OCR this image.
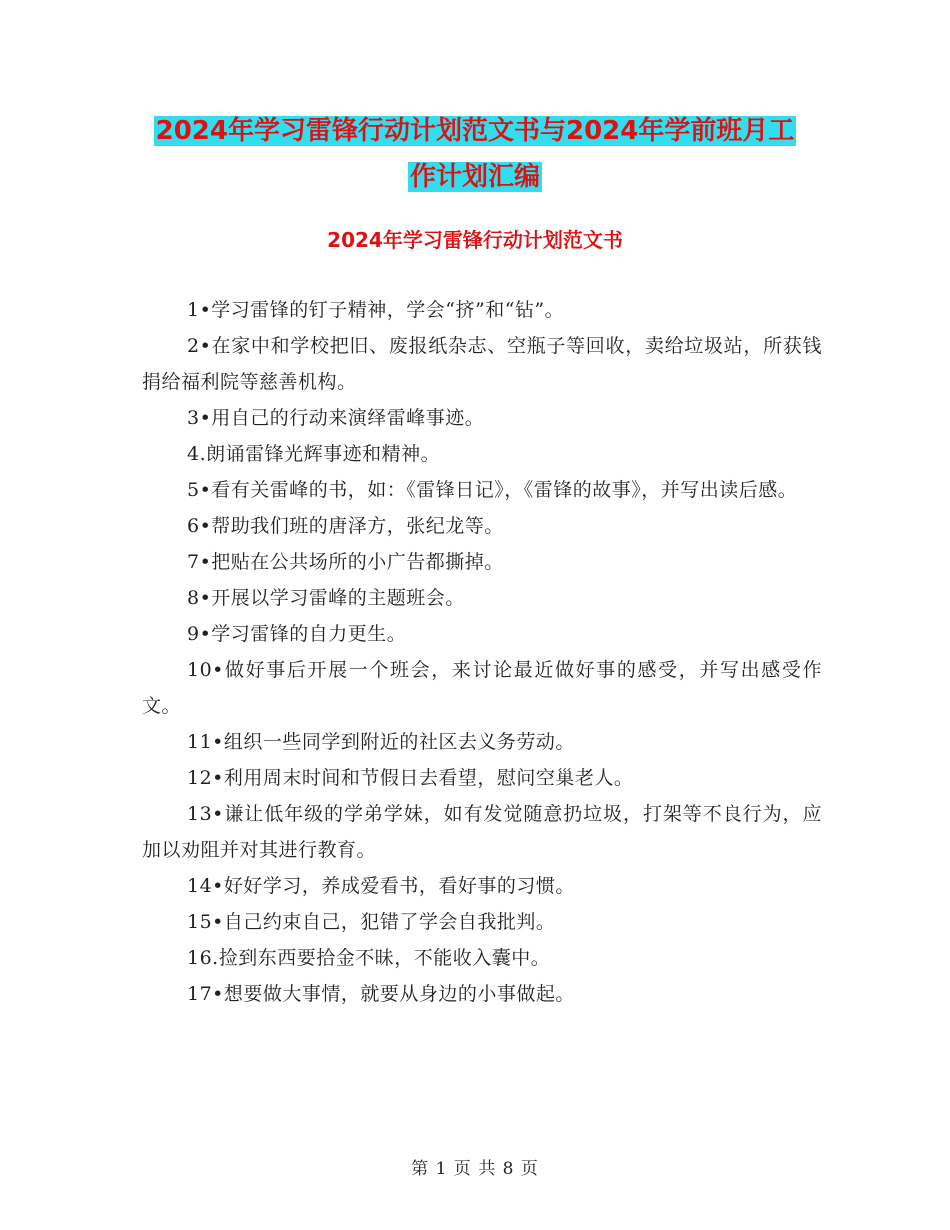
2024年学习雷锋行动计划范文书与2024年学前班月工
作计划汇编
2024年学习雷锋行动计划范文书

1•学习雷锋的钉子精神，学会“挤”和“钻”。

2•在家中和学校把旧、废报纸杂志、空瓶子等回收，卖给垃圾站，所获钱捐给福利院等慈善机构。

3•用自己的行动来演绎雷峰事迹。

4.朗诵雷锋光辉事迹和精神。

5•看有关雷峰的书，如：《雷锋日记》，《雷锋的故事》，并写出读后感。

6•帮助我们班的唐泽方，张纪龙等。

7•把贴在公共场所的小广告都撕掉。

8•开展以学习雷峰的主题班会。

9•学习雷锋的自力更生。

10•做好事后开展一个班会，来讨论最近做好事的感受，并写出感受作文。

11•组织一些同学到附近的社区去义务劳动。

12•利用周末时间和节假日去看望，慰问空巢老人。

13•谦让低年级的学弟学妹，如有发觉随意扔垃圾，打架等不良行为，应加以劝阻并对其进行教育。

14•好好学习，养成爱看书，看好事的习惯。

15•自己约束自己，犯错了学会自我批判。

16.捡到东西要拾金不昧，不能收入囊中。

17•想要做大事情，就要从身边的小事做起。

第 1 页 共 8 页
